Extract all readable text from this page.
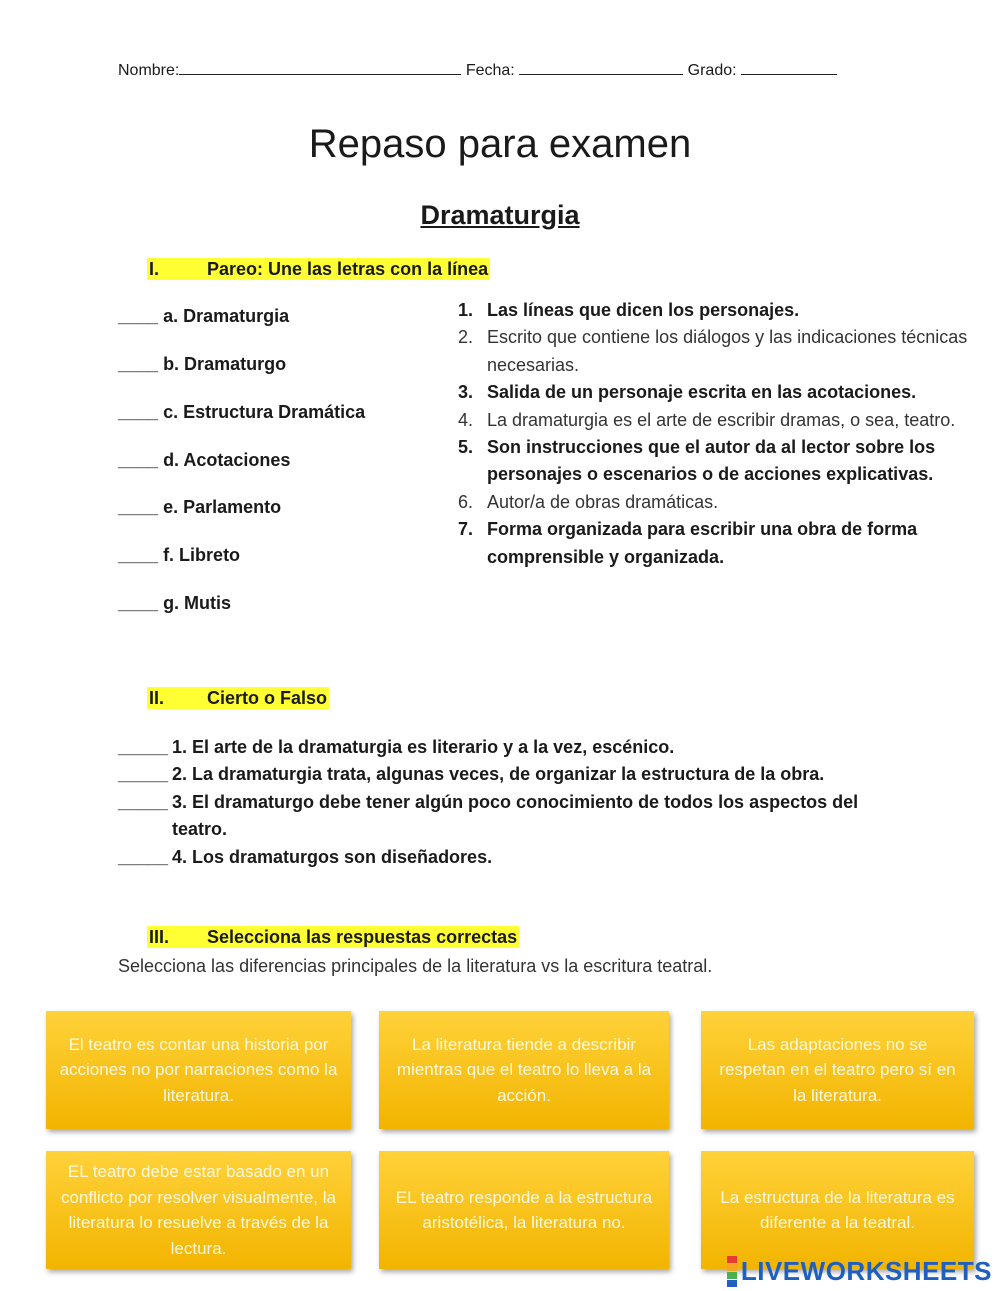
Nombre:	Fecha:	Grado:
Repaso para examen
Dramaturgia
I.	Pareo: Une las letras con la línea
____ a. Dramaturgia
____ b. Dramaturgo
____ c. Estructura Dramática
____ d. Acotaciones
____ e. Parlamento
____ f. Libreto
____ g. Mutis
1. Las líneas que dicen los personajes.
2. Escrito que contiene los diálogos y las indicaciones técnicas necesarias.
3. Salida de un personaje escrita en las acotaciones.
4. La dramaturgia es el arte de escribir dramas, o sea, teatro.
5. Son instrucciones que el autor da al lector sobre los personajes o escenarios o de acciones explicativas.
6. Autor/a de obras dramáticas.
7. Forma organizada para escribir una obra de forma comprensible y organizada.
II. Cierto o Falso
_____ 1. El arte de la dramaturgia es literario y a la vez, escénico.
_____ 2. La dramaturgia trata, algunas veces, de organizar la estructura de la obra.
_____ 3. El dramaturgo debe tener algún poco conocimiento de todos los aspectos del teatro.
_____ 4. Los dramaturgos son diseñadores.
III. Selecciona las respuestas correctas
Selecciona las diferencias principales de la literatura vs la escritura teatral.
El teatro es contar una historia por acciones no por narraciones como la literatura.
La literatura tiende a describir mientras que el teatro lo lleva a la acción.
Las adaptaciones no se respetan en el teatro pero sí en la literatura.
EL teatro debe estar basado en un conflicto por resolver visualmente, la literatura lo resuelve a través de la lectura.
EL teatro responde a la estructura aristotélica, la literatura no.
La estructura de la literatura es diferente a la teatral.
LIVEWORKSHEETS
